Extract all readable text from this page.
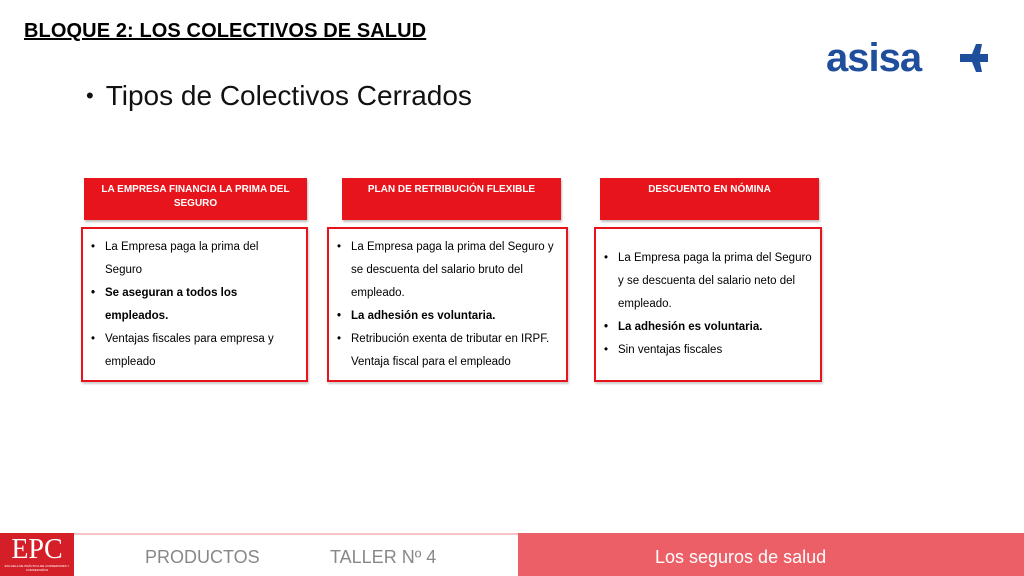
BLOQUE 2: LOS COLECTIVOS DE SALUD
asisa
• Tipos de Colectivos Cerrados
LA EMPRESA FINANCIA LA PRIMA DEL SEGURO
PLAN DE RETRIBUCIÓN FLEXIBLE	DESCUENTO EN NÓMINA
• La Empresa paga la prima del Seguro
• Se aseguran a todos los empleados.
• Ventajas fiscales para empresa y empleado
• La Empresa paga la prima del Seguro y se descuenta del salario bruto del empleado.
• La adhesión es voluntaria.
• Retribución exenta de tributar en IRPF. Ventaja fiscal para el empleado
• La Empresa paga la prima del Seguro y se descuenta del salario neto del empleado.
• La adhesión es voluntaria.
• Sin ventajas fiscales
EPC
ESCUELA DE PRÁCTICA DE CORREDORES Y CORREDURÍAS
PRODUCTOS	TALLER Nº 4	Los seguros de salud
